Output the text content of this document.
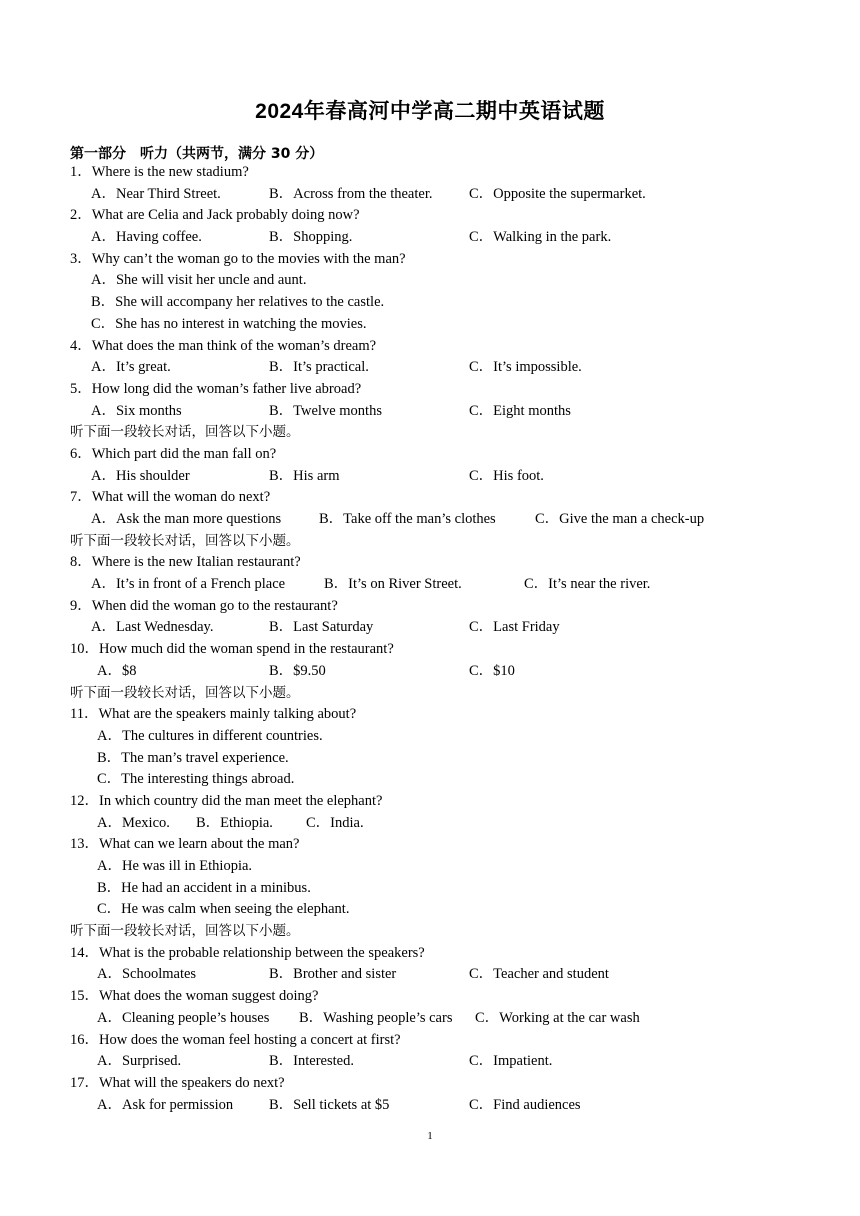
2024年春高河中学高二期中英语试题
第一部分　听力（共两节，满分 30 分）
1．Where is the new stadium?
A．Near Third Street.	B．Across from the theater.	C．Opposite the supermarket.
2．What are Celia and Jack probably doing now?
A．Having coffee.	B．Shopping.	C．Walking in the park.
3．Why can’t the woman go to the movies with the man?
A．She will visit her uncle and aunt.
B．She will accompany her relatives to the castle.
C．She has no interest in watching the movies.
4．What does the man think of the woman’s dream?
A．It’s great.	B．It’s practical.	C．It’s impossible.
5．How long did the woman’s father live abroad?
A．Six months	B．Twelve months	C．Eight months
听下面一段较长对话，回答以下小题。
6．Which part did the man fall on?
A．His shoulder	B．His arm	C．His foot.
7．What will the woman do next?
A．Ask the man more questions	B．Take off the man’s clothes	C．Give the man a check-up
听下面一段较长对话，回答以下小题。
8．Where is the new Italian restaurant?
A．It’s in front of a French place	B．It’s on River Street.	C．It’s near the river.
9．When did the woman go to the restaurant?
A．Last Wednesday.	B．Last Saturday	C．Last Friday
10．How much did the woman spend in the restaurant?
A．$8	B．$9.50	C．$10
听下面一段较长对话，回答以下小题。
11．What are the speakers mainly talking about?
A．The cultures in different countries.
B．The man’s travel experience.
C．The interesting things abroad.
12．In which country did the man meet the elephant?
A．Mexico. B．Ethiopia. C．India.
13．What can we learn about the man?
A．He was ill in Ethiopia.
B．He had an accident in a minibus.
C．He was calm when seeing the elephant.
听下面一段较长对话，回答以下小题。
14．What is the probable relationship between the speakers?
A．Schoolmates	B．Brother and sister	C．Teacher and student
15．What does the woman suggest doing?
A．Cleaning people’s houses B．Washing people’s cars C．Working at the car wash
16．How does the woman feel hosting a concert at first?
A．Surprised.	B．Interested.	C．Impatient.
17．What will the speakers do next?
A．Ask for permission B．Sell tickets at $5	C．Find audiences
1
